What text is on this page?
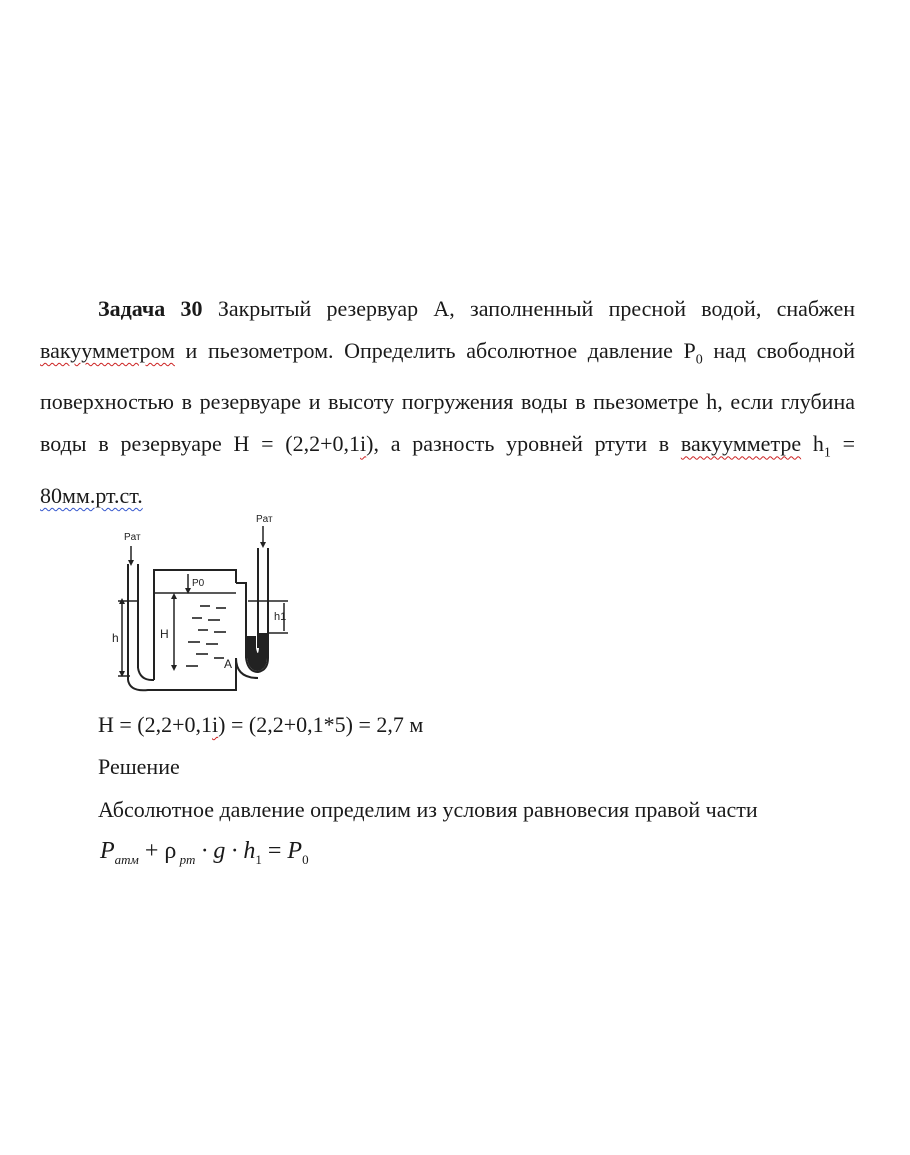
Задача 30 Закрытый резервуар А, заполненный пресной водой, снабжен вакуумметром и пьезометром. Определить абсолютное давление $Р_0$ над свободной поверхностью в резервуаре и высоту погружения воды в пьезометре h, если глубина воды в резервуаре Н = (2,2+0,1i), а разность уровней ртути в вакуумметре $h_1 = 80мм.рт.ст$.

Pат
Pат
P0
h	H
h1
A

Н = (2,2+0,1i) = (2,2+0,1*5) = 2,7 м

Решение

Абсолютное давление определим из условия равновесия правой части

$P_{атм} + \rho$ $_{рт} \cdot g \cdot h_1 = P_0$
